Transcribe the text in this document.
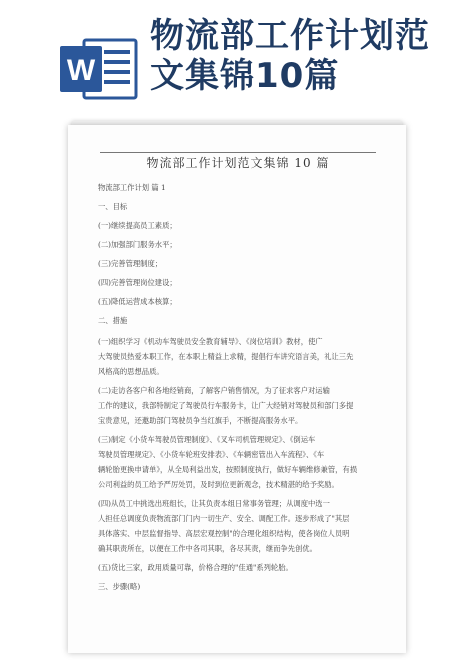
W
物流部工作计划范
文集锦10篇
物流部工作计划范文集锦 10 篇

物流部工作计划 篇 1

一、目标

(一)继续提高员工素质；

(二)加强部门服务水平；

(三)完善管理制度；

(四)完善管理岗位建设；

(五)降低运营成本核算；

二、措施

(一)组织学习《机动车驾驶员安全教育辅导》、《岗位培训》教材，使广

大驾驶员热爱本职工作，在本职上精益上求精，提倡行车讲究语言美，礼让三先

风格高的思想品质。

(二)走访各客户和各地经销商，了解客户销售情况，为了征求客户对运输

工作的建议，我部特制定了驾驶员行车服务卡，让广大经销对驾驶员和部门多提

宝贵意见，还邀助部门驾驶员争当红旗手，不断提高服务水平。

(三)制定《小货车驾驶员管理制度》、《叉车司机管理规定》、《倒运车

驾驶员管理规定》、《小货车轮班安排表》、《车辆密管出入车流程》、《车

辆轮胎更换申请单》，从全局利益出发，按照制度执行，做好车辆维修兼管，有损

公司利益的员工给予严厉处罚，及时到位更新观念，技术精湛的给予奖励。

(四)从员工中挑选出班组长，让其负责本组日常事务管理；从调度中选一

人担任总调度负责物流部门门内一切生产、安全、调配工作。逐步形成了"其层

具体落实、中层监督指导、高层宏观控制"的合理化组织结构，使各岗位人员明

确其职责所在，以便在工作中各司其职，各尽其责，继而争先创优。

(五)货比三家，政用质量可靠，价格合理的"佳通"系列轮胎。

三、步骤(略)
